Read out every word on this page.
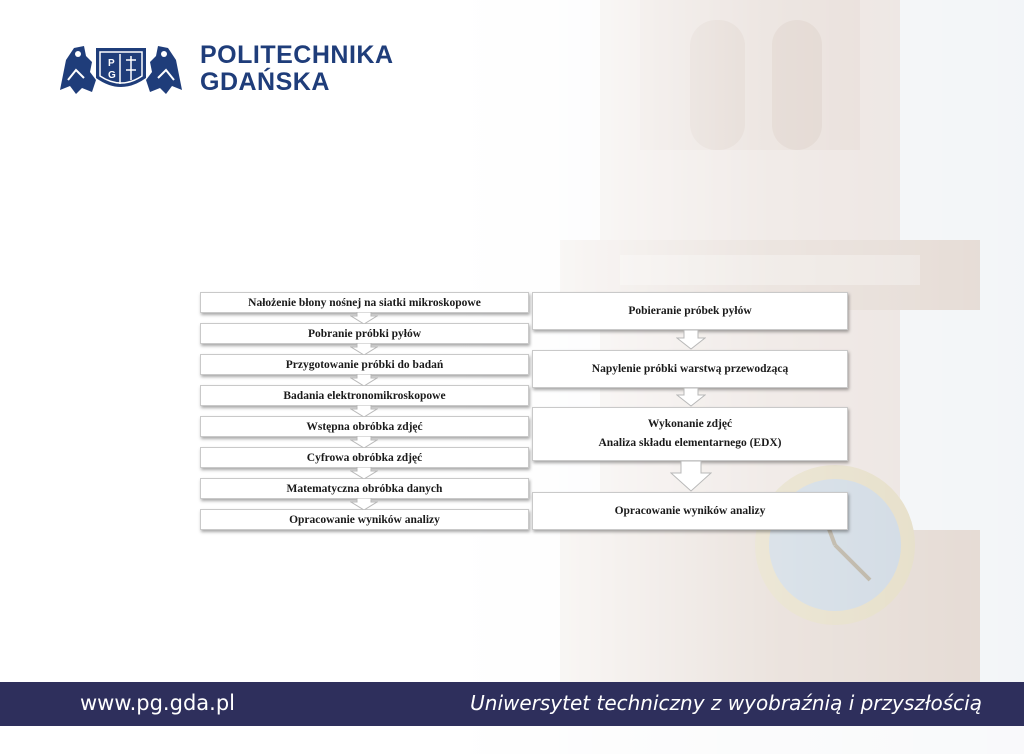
P
G
POLITECHNIKA
GDAŃSKA
Nałożenie błony nośnej na siatki mikroskopowe
Pobranie próbki pyłów
Przygotowanie próbki do badań
Badania elektronomikroskopowe
Wstępna obróbka zdjęć
Cyfrowa obróbka zdjęć
Matematyczna obróbka danych
Opracowanie wyników analizy
Pobieranie próbek pyłów
Napylenie próbki warstwą przewodzącą
Wykonanie zdjęć
Analiza składu elementarnego (EDX)
Opracowanie wyników analizy
www.pg.gda.pl	Uniwersytet techniczny z wyobraźnią i przyszłością
